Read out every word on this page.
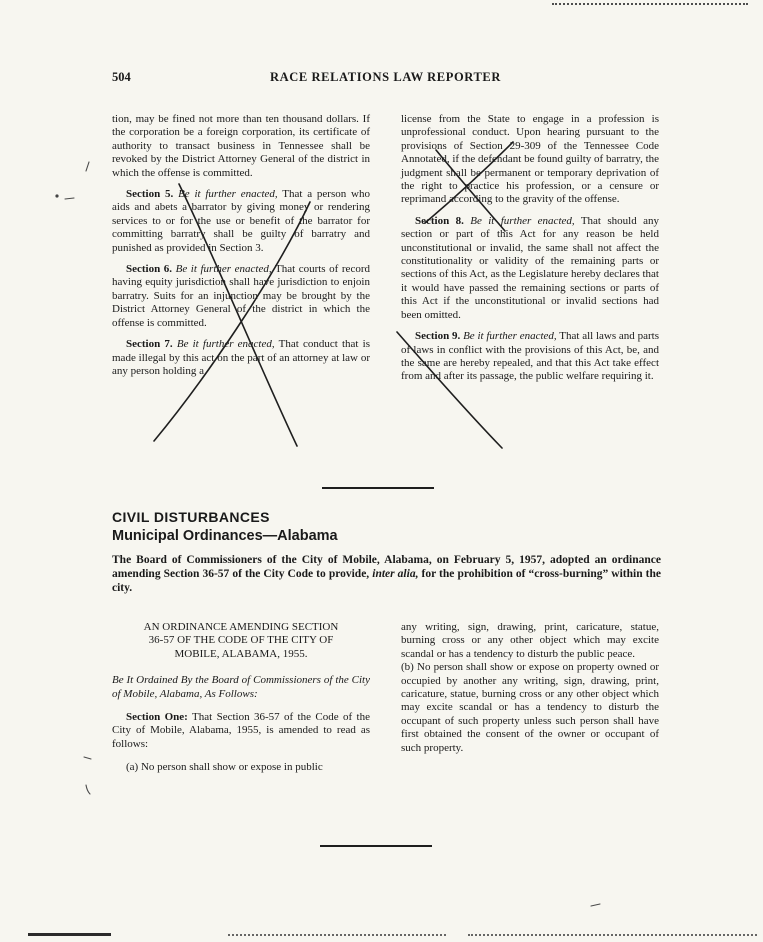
504	RACE RELATIONS LAW REPORTER

tion, may be fined not more than ten thousand dollars. If the corporation be a foreign corporation, its certificate of authority to transact business in Tennessee shall be revoked by the District Attorney General of the district in which the offense is committed.

Section 5. Be it further enacted, That a person who aids and abets a barrator by giving money or rendering services to or for the use or benefit of the barrator for committing barratry shall be guilty of barratry and punished as provided in Section 3.

Section 6. Be it further enacted, That courts of record having equity jurisdiction shall have jurisdiction to enjoin barratry. Suits for an injunction may be brought by the District Attorney General of the district in which the offense is committed.

Section 7. Be it further enacted, That conduct that is made illegal by this act on the part of an attorney at law or any person holding a

license from the State to engage in a profession is unprofessional conduct. Upon hearing pursuant to the provisions of Section 29-309 of the Tennessee Code Annotated, if the defendant be found guilty of barratry, the judgment shall be permanent or temporary deprivation of the right to practice his profession, or a censure or reprimand according to the gravity of the offense.

Section 8. Be it further enacted, That should any section or part of this Act for any reason be held unconstitutional or invalid, the same shall not affect the constitutionality or validity of the remaining parts or sections of this Act, as the Legislature hereby declares that it would have passed the remaining sections or parts of this Act if the unconstitutional or invalid sections had been omitted.

Section 9. Be it further enacted, That all laws and parts of laws in conflict with the provisions of this Act, be, and the same are hereby repealed, and that this Act take effect from and after its passage, the public welfare requiring it.

CIVIL DISTURBANCES
Municipal Ordinances—Alabama

The Board of Commissioners of the City of Mobile, Alabama, on February 5, 1957, adopted an ordinance amending Section 36-57 of the City Code to provide, inter alia, for the prohibition of “cross-burning” within the city.

AN ORDINANCE AMENDING SECTION 36-57 OF THE CODE OF THE CITY OF MOBILE, ALABAMA, 1955.

Be It Ordained By the Board of Commissioners of the City of Mobile, Alabama, As Follows:

Section One: That Section 36-57 of the Code of the City of Mobile, Alabama, 1955, is amended to read as follows:

(a) No person shall show or expose in public

any writing, sign, drawing, print, caricature, statue, burning cross or any other object which may excite scandal or has a tendency to disturb the public peace.

(b) No person shall show or expose on property owned or occupied by another any writing, sign, drawing, print, caricature, statue, burning cross or any other object which may excite scandal or has a tendency to disturb the occupant of such property unless such person shall have first obtained the consent of the owner or occupant of such property.
